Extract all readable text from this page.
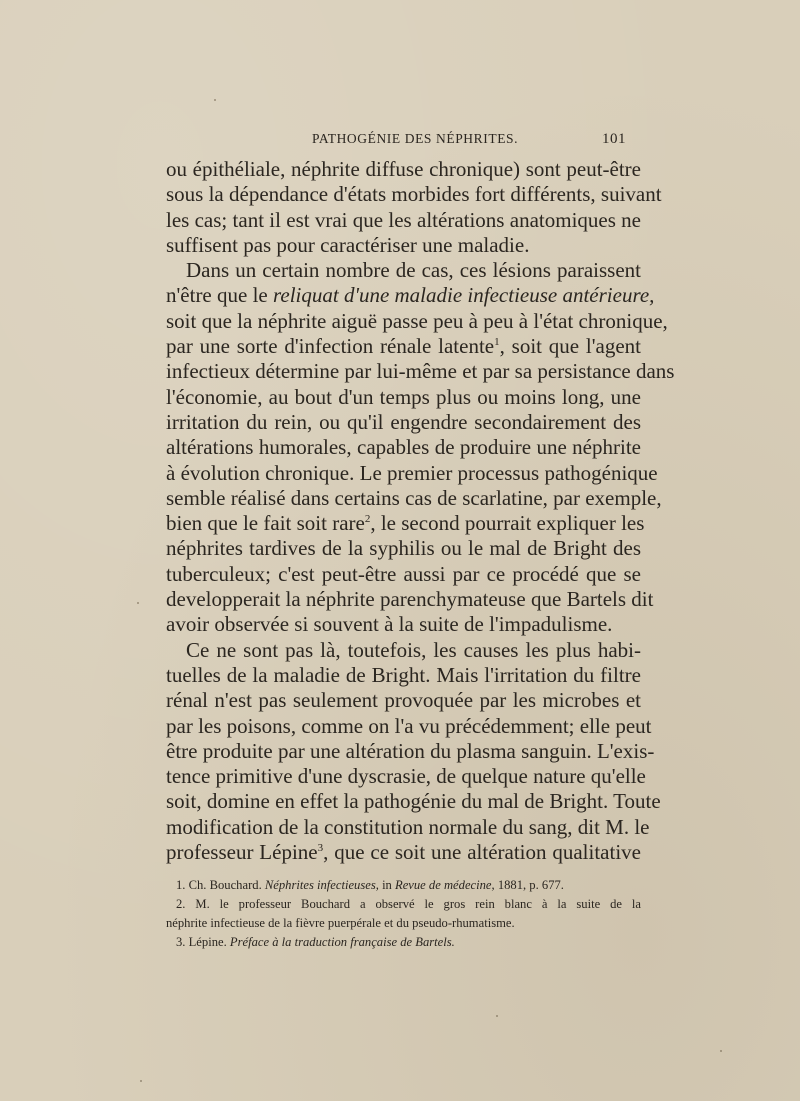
PATHOGÉNIE DES NÉPHRITES.	101
ou épithéliale, néphrite diffuse chronique) sont peut-être
sous la dépendance d'états morbides fort différents, suivant
les cas; tant il est vrai que les altérations anatomiques ne
suffisent pas pour caractériser une maladie.
Dans un certain nombre de cas, ces lésions paraissent
n'être que le reliquat d'une maladie infectieuse antérieure,
soit que la néphrite aiguë passe peu à peu à l'état chronique,
par une sorte d'infection rénale latente$^1$, soit que l'agent
infectieux détermine par lui-même et par sa persistance dans
l'économie, au bout d'un temps plus ou moins long, une
irritation du rein, ou qu'il engendre secondairement des
altérations humorales, capables de produire une néphrite
à évolution chronique. Le premier processus pathogénique
semble réalisé dans certains cas de scarlatine, par exemple,
bien que le fait soit rare$^2$, le second pourrait expliquer les
néphrites tardives de la syphilis ou le mal de Bright des
tuberculeux; c'est peut-être aussi par ce procédé que se
developperait la néphrite parenchymateuse que Bartels dit
avoir observée si souvent à la suite de l'impadulisme.
Ce ne sont pas là, toutefois, les causes les plus habi-
tuelles de la maladie de Bright. Mais l'irritation du filtre
rénal n'est pas seulement provoquée par les microbes et
par les poisons, comme on l'a vu précédemment; elle peut
être produite par une altération du plasma sanguin. L'exis-
tence primitive d'une dyscrasie, de quelque nature qu'elle
soit, domine en effet la pathogénie du mal de Bright. Toute
modification de la constitution normale du sang, dit M. le
professeur Lépine$^3$, que ce soit une altération qualitative
1. Ch. Bouchard. Néphrites infectieuses, in Revue de médecine, 1881, p. 677.
2. M. le professeur Bouchard a observé le gros rein blanc à la suite de la
néphrite infectieuse de la fièvre puerpérale et du pseudo-rhumatisme.
3. Lépine. Préface à la traduction française de Bartels.
